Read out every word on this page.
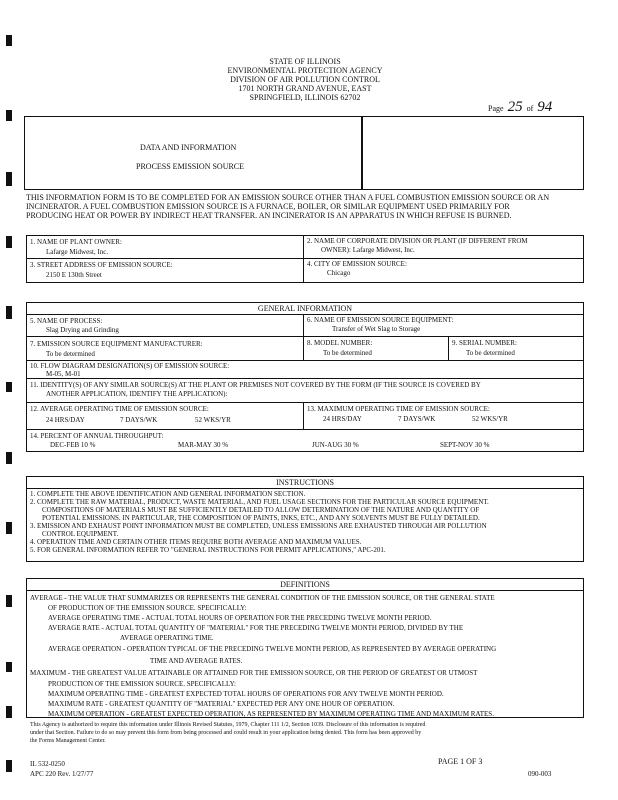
STATE OF ILLINOIS
ENVIRONMENTAL PROTECTION AGENCY
DIVISION OF AIR POLLUTION CONTROL
1701 NORTH GRAND AVENUE, EAST
SPRINGFIELD, ILLINOIS 62702
Page 25 of 94
DATA AND INFORMATION
PROCESS EMISSION SOURCE
THIS INFORMATION FORM IS TO BE COMPLETED FOR AN EMISSION SOURCE OTHER THAN A FUEL COMBUSTION EMISSION SOURCE OR AN
INCINERATOR. A FUEL COMBUSTION EMISSION SOURCE IS A FURNACE, BOILER, OR SIMILAR EQUIPMENT USED PRIMARILY FOR
PRODUCING HEAT OR POWER BY INDIRECT HEAT TRANSFER. AN INCINERATOR IS AN APPARATUS IN WHICH REFUSE IS BURNED.
1. NAME OF PLANT OWNER:
Lafarge Midwest, Inc.
2. NAME OF CORPORATE DIVISION OR PLANT (IF DIFFERENT FROM
OWNER): Lafarge Midwest, Inc.
3. STREET ADDRESS OF EMISSION SOURCE:
2150 E 130th Street
4. CITY OF EMISSION SOURCE:
Chicago
GENERAL INFORMATION
5. NAME OF PROCESS:
Slag Drying and Grinding
6. NAME OF EMISSION SOURCE EQUIPMENT:
Transfer of Wet Slag to Storage
7. EMISSION SOURCE EQUIPMENT MANUFACTURER:
To be determined
8. MODEL NUMBER:
To be determined
9. SERIAL NUMBER:
To be determined
10. FLOW DIAGRAM DESIGNATION(S) OF EMISSION SOURCE:
M-05, M-01
11. IDENTITY(S) OF ANY SIMILAR SOURCE(S) AT THE PLANT OR PREMISES NOT COVERED BY THE FORM (IF THE SOURCE IS COVERED BY
ANOTHER APPLICATION, IDENTIFY THE APPLICATION):
12. AVERAGE OPERATING TIME OF EMISSION SOURCE:
24 HRS/DAY	7 DAYS/WK	52 WKS/YR
13. MAXIMUM OPERATING TIME OF EMISSION SOURCE:
24 HRS/DAY	7 DAYS/WK	52 WKS/YR
14. PERCENT OF ANNUAL THROUGHPUT:
DEC-FEB 10 %	MAR-MAY 30 %	JUN-AUG 30 %	SEPT-NOV 30 %
INSTRUCTIONS
1. COMPLETE THE ABOVE IDENTIFICATION AND GENERAL INFORMATION SECTION.
2. COMPLETE THE RAW MATERIAL, PRODUCT, WASTE MATERIAL, AND FUEL USAGE SECTIONS FOR THE PARTICULAR SOURCE EQUIPMENT.
COMPOSITIONS OF MATERIALS MUST BE SUFFICIENTLY DETAILED TO ALLOW DETERMINATION OF THE NATURE AND QUANTITY OF
POTENTIAL EMISSIONS. IN PARTICULAR, THE COMPOSITION OF PAINTS, INKS, ETC., AND ANY SOLVENTS MUST BE FULLY DETAILED.
3. EMISSION AND EXHAUST POINT INFORMATION MUST BE COMPLETED, UNLESS EMISSIONS ARE EXHAUSTED THROUGH AIR POLLUTION
CONTROL EQUIPMENT.
4. OPERATION TIME AND CERTAIN OTHER ITEMS REQUIRE BOTH AVERAGE AND MAXIMUM VALUES.
5. FOR GENERAL INFORMATION REFER TO "GENERAL INSTRUCTIONS FOR PERMIT APPLICATIONS," APC-201.
DEFINITIONS
AVERAGE - THE VALUE THAT SUMMARIZES OR REPRESENTS THE GENERAL CONDITION OF THE EMISSION SOURCE, OR THE GENERAL STATE
OF PRODUCTION OF THE EMISSION SOURCE. SPECIFICALLY:
AVERAGE OPERATING TIME - ACTUAL TOTAL HOURS OF OPERATION FOR THE PRECEDING TWELVE MONTH PERIOD.
AVERAGE RATE - ACTUAL TOTAL QUANTITY OF "MATERIAL" FOR THE PRECEDING TWELVE MONTH PERIOD, DIVIDED BY THE
AVERAGE OPERATING TIME.
AVERAGE OPERATION - OPERATION TYPICAL OF THE PRECEDING TWELVE MONTH PERIOD, AS REPRESENTED BY AVERAGE OPERATING
TIME AND AVERAGE RATES.
MAXIMUM - THE GREATEST VALUE ATTAINABLE OR ATTAINED FOR THE EMISSION SOURCE, OR THE PERIOD OF GREATEST OR UTMOST
PRODUCTION OF THE EMISSION SOURCE. SPECIFICALLY:
MAXIMUM OPERATING TIME - GREATEST EXPECTED TOTAL HOURS OF OPERATIONS FOR ANY TWELVE MONTH PERIOD.
MAXIMUM RATE - GREATEST QUANTITY OF "MATERIAL" EXPECTED PER ANY ONE HOUR OF OPERATION.
MAXIMUM OPERATION - GREATEST EXPECTED OPERATION, AS REPRESENTED BY MAXIMUM OPERATING TIME AND MAXIMUM RATES.
This Agency is authorized to require this information under Illinois Revised Statutes, 1979, Chapter 111 1/2, Section 1039. Disclosure of this information is required
under that Section. Failure to do so may prevent this form from being processed and could result in your application being denied. This form has been approved by
the Forms Management Center.
IL 532-0250
APC 220 Rev. 1/27/77
PAGE 1 OF 3
090-003
